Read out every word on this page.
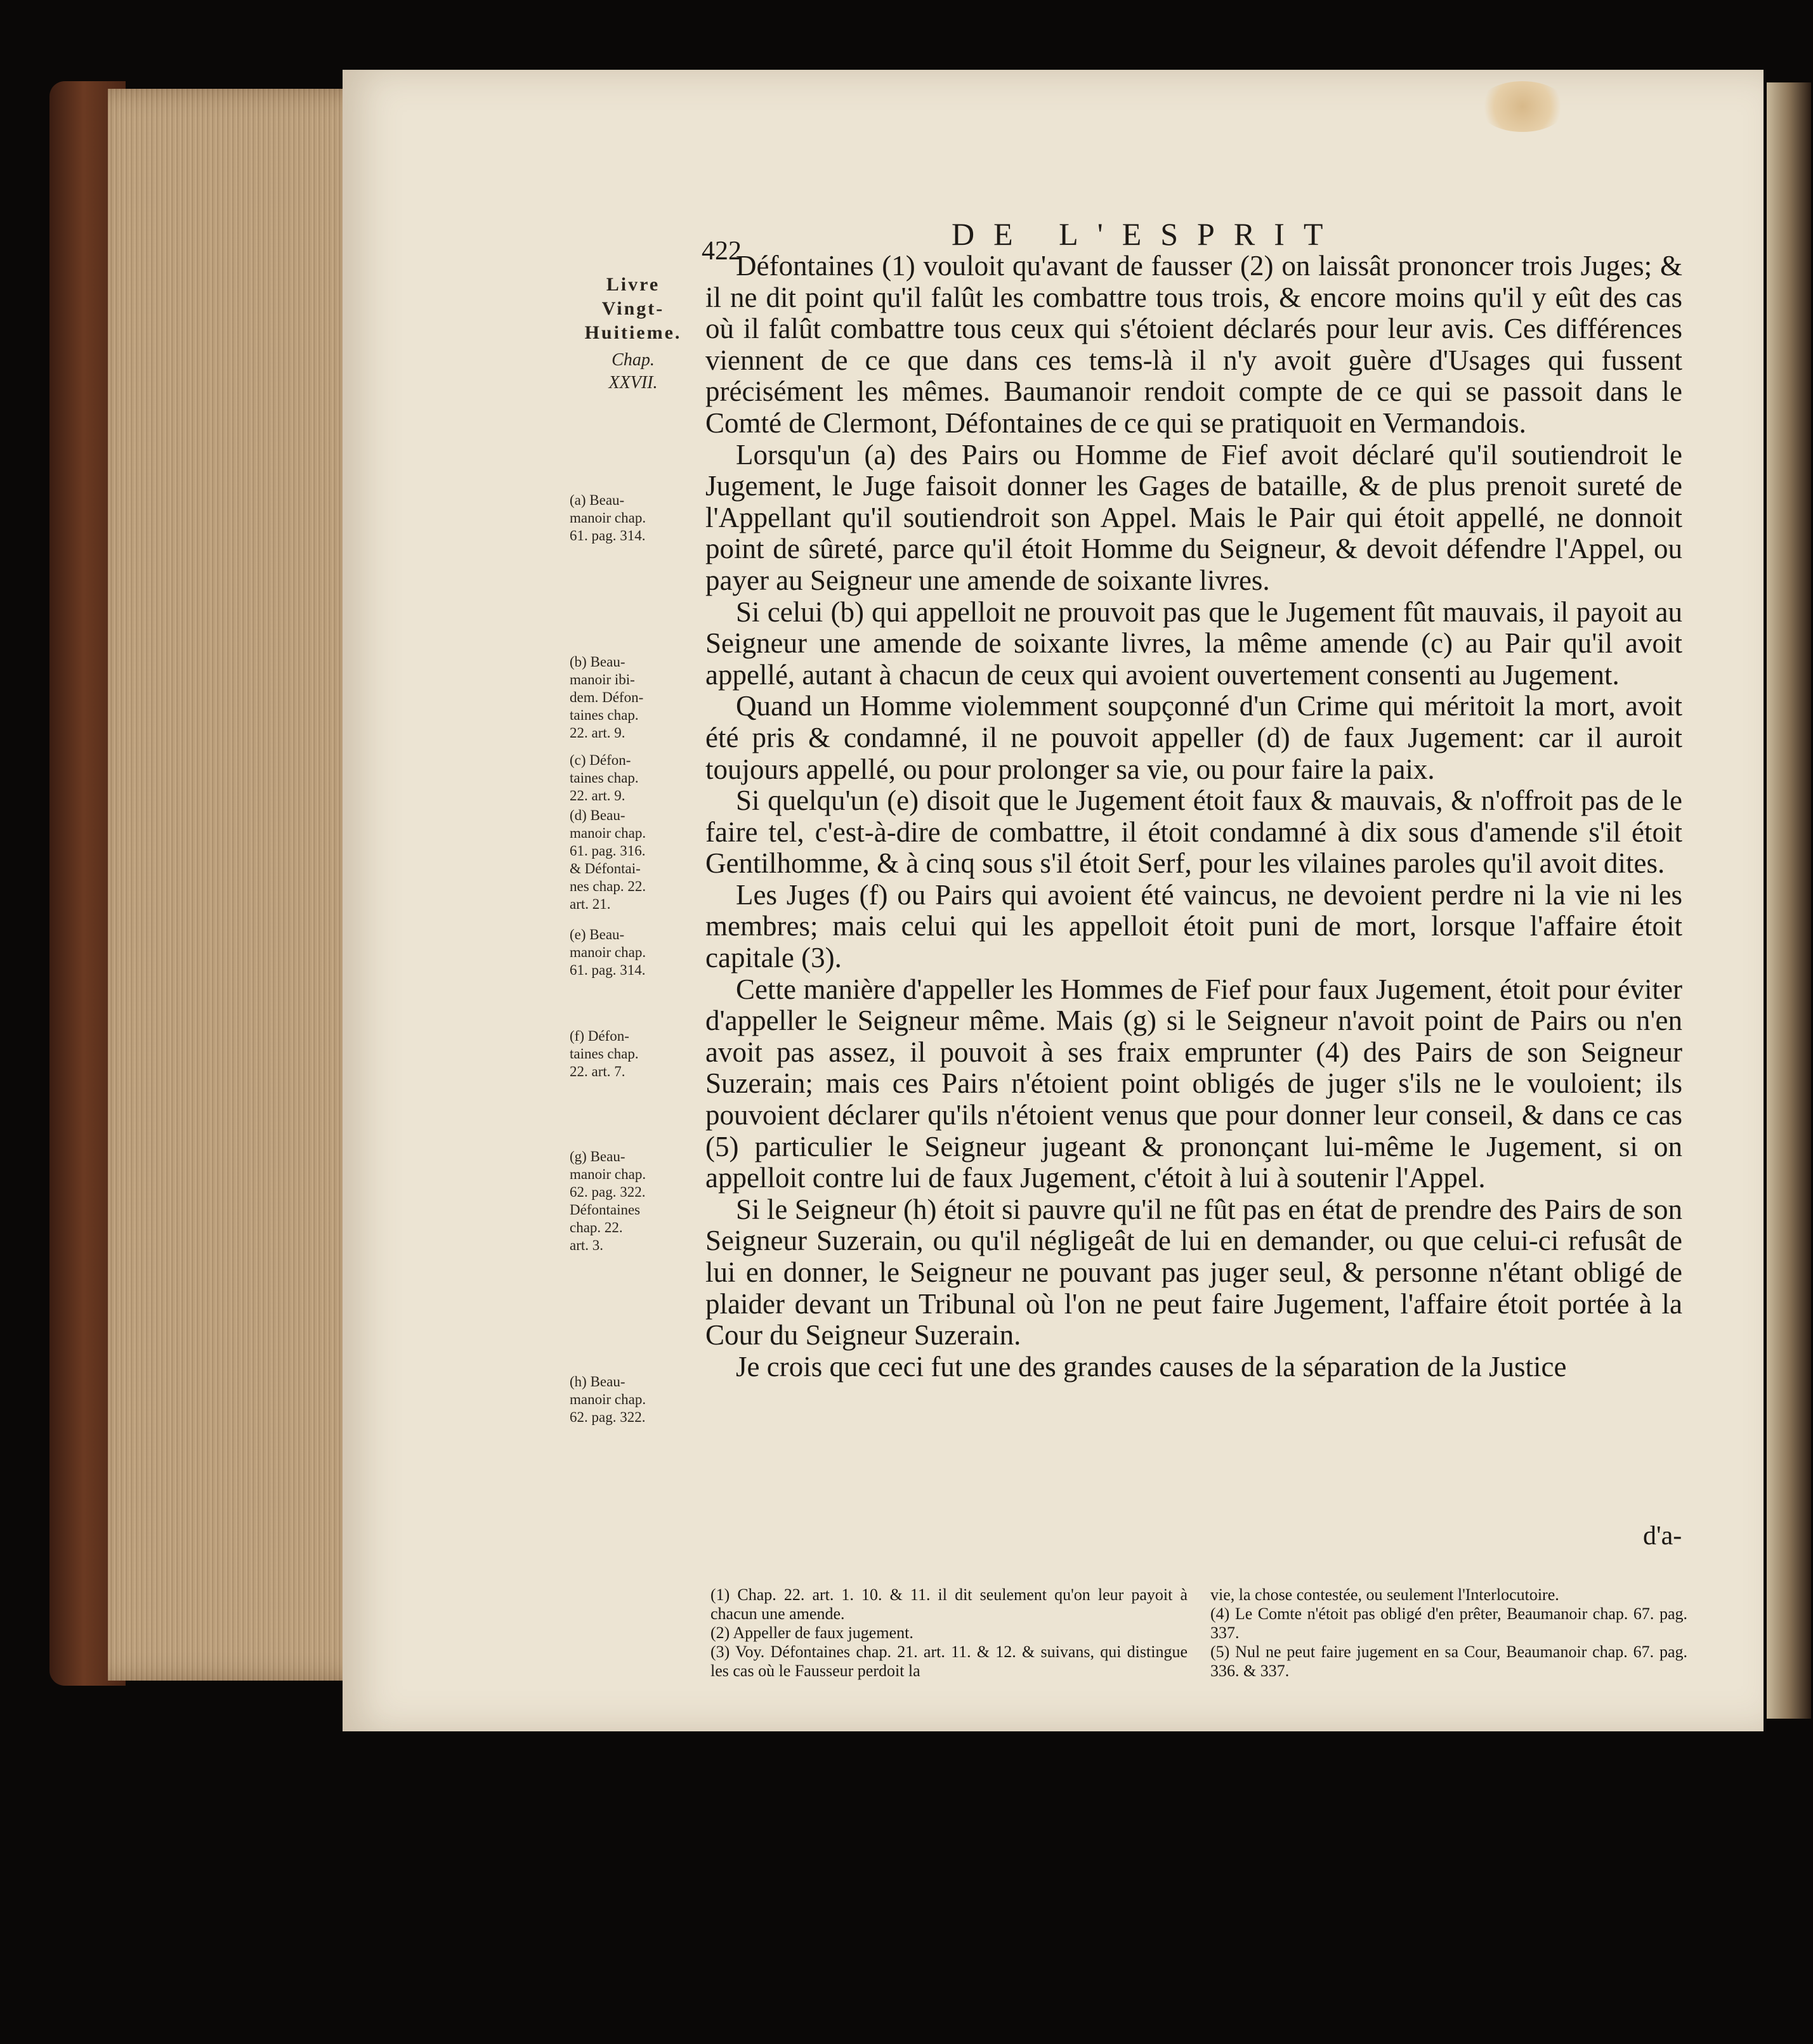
422	DE L'ESPRIT
Livre
Vingt-
Huitieme.
Chap.
XXVII.
(a) Beau-
manoir chap.
61. pag. 314.
(b) Beau-
manoir ibi-
dem. Défon-
taines chap.
22. art. 9.
(c) Défon-
taines chap.
22. art. 9.
(d) Beau-
manoir chap.
61. pag. 316.
& Défontai-
nes chap. 22.
art. 21.
(e) Beau-
manoir chap.
61. pag. 314.
(f) Défon-
taines chap.
22. art. 7.
(g) Beau-
manoir chap.
62. pag. 322.
Défontaines
chap. 22.
art. 3.
(h) Beau-
manoir chap.
62. pag. 322.

Défontaines (1) vouloit qu'avant de fausser (2) on laissât prononcer trois Juges; & il ne dit point qu'il falût les combattre tous trois, & encore moins qu'il y eût des cas où il falût combattre tous ceux qui s'étoient déclarés pour leur avis. Ces différences viennent de ce que dans ces tems-là il n'y avoit guère d'Usages qui fussent précisément les mêmes. Baumanoir rendoit compte de ce qui se passoit dans le Comté de Clermont, Défontaines de ce qui se pratiquoit en Vermandois.

Lorsqu'un (a) des Pairs ou Homme de Fief avoit déclaré qu'il soutiendroit le Jugement, le Juge faisoit donner les Gages de bataille, & de plus prenoit sureté de l'Appellant qu'il soutiendroit son Appel. Mais le Pair qui étoit appellé, ne donnoit point de sûreté, parce qu'il étoit Homme du Seigneur, & devoit défendre l'Appel, ou payer au Seigneur une amende de soixante livres.

Si celui (b) qui appelloit ne prouvoit pas que le Jugement fût mauvais, il payoit au Seigneur une amende de soixante livres, la même amende (c) au Pair qu'il avoit appellé, autant à chacun de ceux qui avoient ouvertement consenti au Jugement.

Quand un Homme violemment soupçonné d'un Crime qui méritoit la mort, avoit été pris & condamné, il ne pouvoit appeller (d) de faux Jugement: car il auroit toujours appellé, ou pour prolonger sa vie, ou pour faire la paix.

Si quelqu'un (e) disoit que le Jugement étoit faux & mauvais, & n'offroit pas de le faire tel, c'est-à-dire de combattre, il étoit condamné à dix sous d'amende s'il étoit Gentilhomme, & à cinq sous s'il étoit Serf, pour les vilaines paroles qu'il avoit dites.

Les Juges (f) ou Pairs qui avoient été vaincus, ne devoient perdre ni la vie ni les membres; mais celui qui les appelloit étoit puni de mort, lorsque l'affaire étoit capitale (3).

Cette manière d'appeller les Hommes de Fief pour faux Jugement, étoit pour éviter d'appeller le Seigneur même. Mais (g) si le Seigneur n'avoit point de Pairs ou n'en avoit pas assez, il pouvoit à ses fraix emprunter (4) des Pairs de son Seigneur Suzerain; mais ces Pairs n'étoient point obligés de juger s'ils ne le vouloient; ils pouvoient déclarer qu'ils n'étoient venus que pour donner leur conseil, & dans ce cas (5) particulier le Seigneur jugeant & prononçant lui-même le Jugement, si on appelloit contre lui de faux Jugement, c'étoit à lui à soutenir l'Appel.

Si le Seigneur (h) étoit si pauvre qu'il ne fût pas en état de prendre des Pairs de son Seigneur Suzerain, ou qu'il négligeât de lui en demander, ou que celui-ci refusât de lui en donner, le Seigneur ne pouvant pas juger seul, & personne n'étant obligé de plaider devant un Tribunal où l'on ne peut faire Jugement, l'affaire étoit portée à la Cour du Seigneur Suzerain.

Je crois que ceci fut une des grandes causes de la séparation de la Justice

d'a-

(1) Chap. 22. art. 1. 10. & 11. il dit seulement qu'on leur payoit à chacun une amende.

(2) Appeller de faux jugement.

(3) Voy. Défontaines chap. 21. art. 11. & 12. & suivans, qui distingue les cas où le Fausseur perdoit la

vie, la chose contestée, ou seulement l'Interlocutoire.

(4) Le Comte n'étoit pas obligé d'en prêter, Beaumanoir chap. 67. pag. 337.

(5) Nul ne peut faire jugement en sa Cour, Beaumanoir chap. 67. pag. 336. & 337.
